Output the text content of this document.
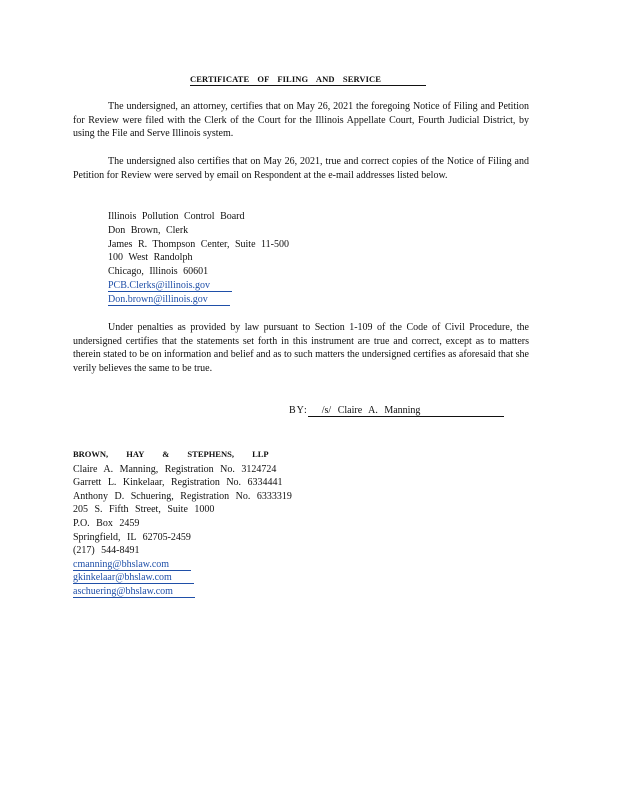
CERTIFICATE OF FILING AND SERVICE
The undersigned, an attorney, certifies that on May 26, 2021 the foregoing Notice of Filing and Petition for Review were filed with the Clerk of the Court for the Illinois Appellate Court, Fourth Judicial District, by using the File and Serve Illinois system.
The undersigned also certifies that on May 26, 2021, true and correct copies of the Notice of Filing and Petition for Review were served by email on Respondent at the e-mail addresses listed below.
Illinois Pollution Control Board
Don Brown, Clerk
James R. Thompson Center, Suite 11-500
100 West Randolph
Chicago, Illinois 60601
PCB.Clerks@illinois.gov
Don.brown@illinois.gov
Under penalties as provided by law pursuant to Section 1-109 of the Code of Civil Procedure, the undersigned certifies that the statements set forth in this instrument are true and correct, except as to matters therein stated to be on information and belief and as to such matters the undersigned certifies as aforesaid that she verily believes the same to be true.
BY: /s/ Claire A. Manning
BROWN, HAY & STEPHENS, LLP
Claire A. Manning, Registration No. 3124724
Garrett L. Kinkelaar, Registration No. 6334441
Anthony D. Schuering, Registration No. 6333319
205 S. Fifth Street, Suite 1000
P.O. Box 2459
Springfield, IL 62705-2459
(217) 544-8491
cmanning@bhslaw.com
gkinkelaar@bhslaw.com
aschuering@bhslaw.com
